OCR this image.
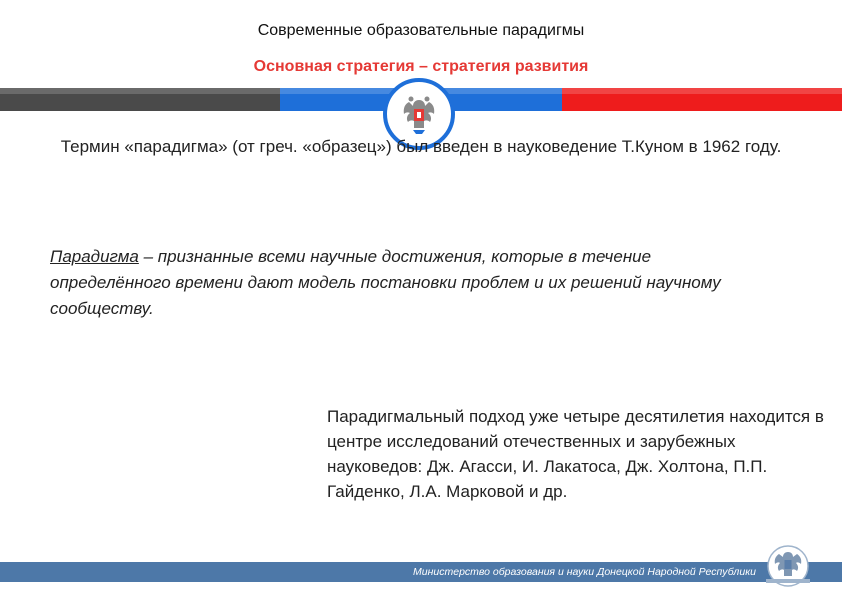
Современные образовательные парадигмы
Основная стратегия – стратегия развития
Термин «парадигма» (от греч. «образец») был введен в науковедение Т.Куном в 1962 году.
Парадигма – признанные всеми научные достижения, которые в течение определённого времени дают модель постановки проблем и их решений научному сообществу.
Парадигмальный подход уже четыре десятилетия находится в центре исследований отечественных и зарубежных науковедов: Дж. Агасси, И. Лакатоса, Дж. Холтона, П.П. Гайденко, Л.А. Марковой и др.
Министерство образования и науки Донецкой Народной Республики
